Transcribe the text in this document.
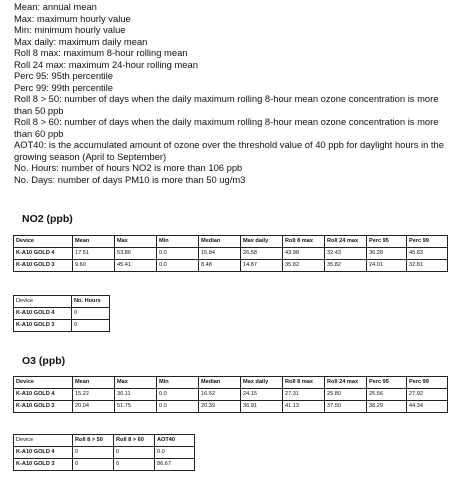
Mean: annual mean
Max: maximum hourly value
Min: minimum hourly value
Max daily: maximum daily mean
Roll 8 max: maximum 8-hour rolling mean
Roll 24 max: maximum 24-hour rolling mean
Perc 95: 95th percentile
Perc 99: 99th percentile
Roll 8 > 50: number of days when the daily maximum rolling 8-hour mean ozone concentration is more than 50 ppb
Roll 8 > 60: number of days when the daily maximum rolling 8-hour mean ozone concentration is more than 60 ppb
AOT40: is the accumulated amount of ozone over the threshold value of 40 ppb for daylight hours in the growing season (April to September)
No. Hours: number of hours NO2 is more than 106 ppb
No. Days: number of days PM10 is more than 50 ug/m3
NO2 (ppb)
Device	Mean	Max	Min	Median	Max daily	Roll 8 max	Roll 24 max	Perc 95	Perc 99
K-A10 GOLD 4	17.51	53.86	0.0	15.84	26.58	43.98	32.43	36.28	45.83
K-A10 GOLD 3	9.60	45.41	0.0	8.48	14.87	35.82	35.82	24.01	32.81
Device	No. Hours
K-A10 GOLD 4	0
K-A10 GOLD 3	0
O3 (ppb)
Device	Mean	Max	Min	Median	Max daily	Roll 8 max	Roll 24 max	Perc 95	Perc 99
K-A10 GOLD 4	15.22	30.11	0.0	16.52	24.15	27.31	25.80	25.56	27.92
K-A10 GOLD 3	20.04	51.75	0.0	20.39	36.91	41.13	37.50	38.29	44.34
Device	Roll 8 > 50	Roll 8 > 60	AOT40
K-A10 GOLD 4	0	0	0.0
K-A10 GOLD 3	0	0	86.67
